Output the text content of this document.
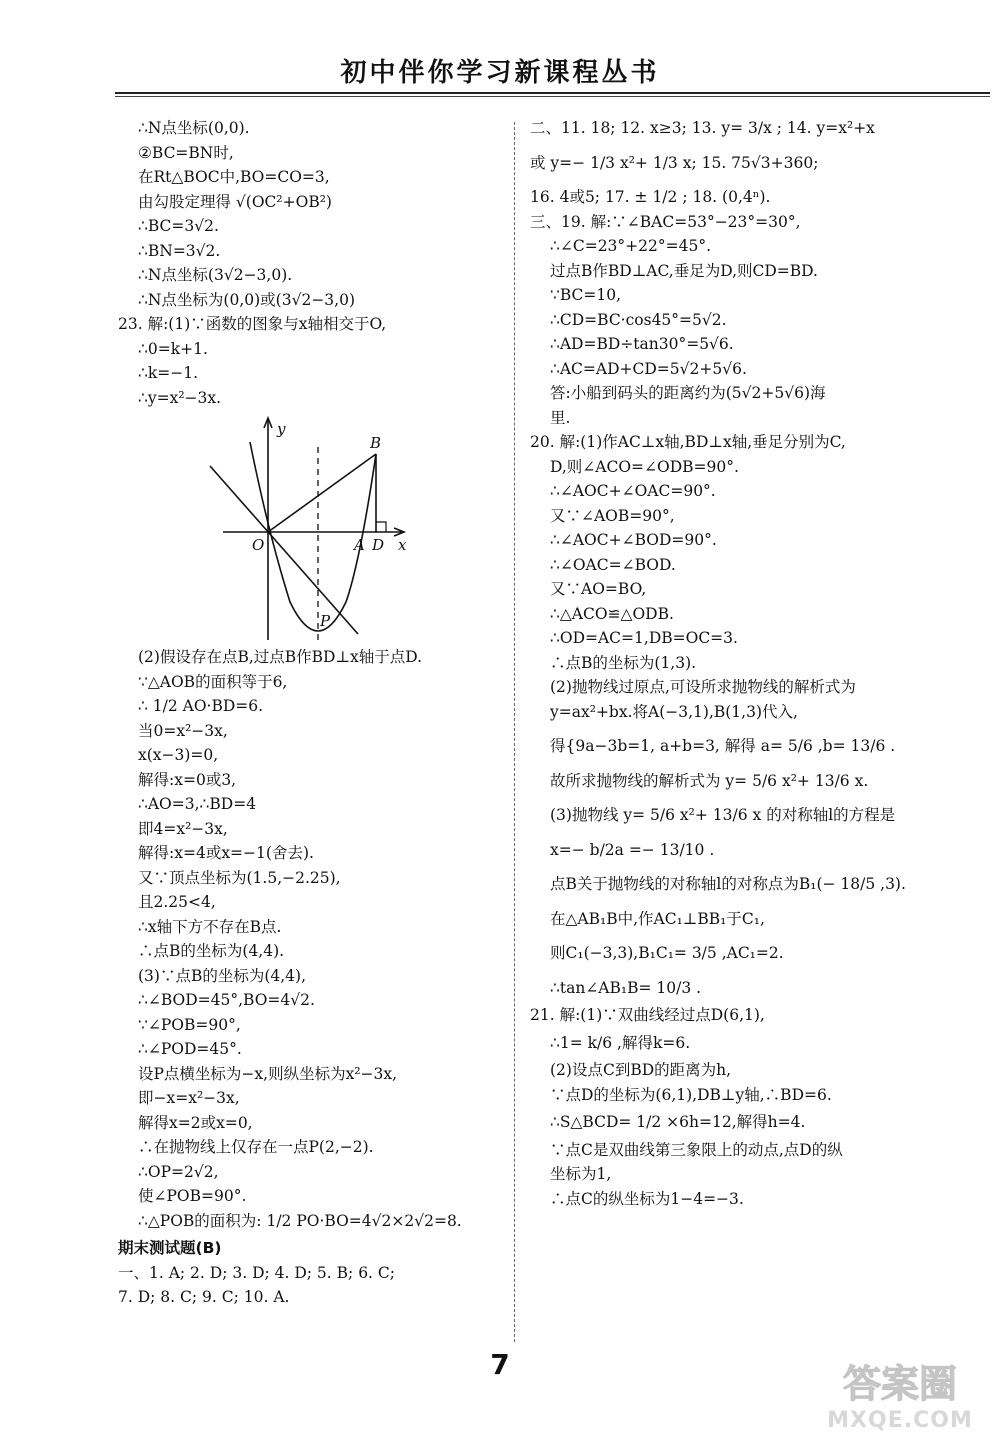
初中伴你学习新课程丛书
∴N点坐标(0,0).
②BC=BN时,
在Rt△BOC中,BO=CO=3,
由勾股定理得 √(OC²+OB²)
∴BC=3√2.
∴BN=3√2.
∴N点坐标(3√2−3,0).
∴N点坐标为(0,0)或(3√2−3,0)
23. 解:(1)∵函数的图象与x轴相交于O,
∴0=k+1.
∴k=−1.
∴y=x²−3x.
y
x
O	A D
B
P
(2)假设存在点B,过点B作BD⊥x轴于点D.
∵△AOB的面积等于6,
∴ 1/2 AO·BD=6.
当0=x²−3x,
x(x−3)=0,
解得:x=0或3,
∴AO=3,∴BD=4
即4=x²−3x,
解得:x=4或x=−1(舍去).
又∵顶点坐标为(1.5,−2.25),
且2.25<4,
∴x轴下方不存在B点.
∴点B的坐标为(4,4).
(3)∵点B的坐标为(4,4),
∴∠BOD=45°,BO=4√2.
∵∠POB=90°,
∴∠POD=45°.
设P点横坐标为−x,则纵坐标为x²−3x,
即−x=x²−3x,
解得x=2或x=0,
∴在抛物线上仅存在一点P(2,−2).
∴OP=2√2,
使∠POB=90°.
∴△POB的面积为: 1/2 PO·BO=4√2×2√2=8.
期末测试题(B)
一、1. A; 2. D; 3. D; 4. D; 5. B; 6. C;
7. D; 8. C; 9. C; 10. A.
二、11. 18; 12. x≥3; 13. y= 3/x ; 14. y=x²+x
或 y=− 1/3 x²+ 1/3 x; 15. 75√3+360;
16. 4或5; 17. ± 1/2 ; 18. (0,4ⁿ).
三、19. 解:∵∠BAC=53°−23°=30°,
∴∠C=23°+22°=45°.
过点B作BD⊥AC,垂足为D,则CD=BD.
∵BC=10,
∴CD=BC·cos45°=5√2.
∴AD=BD÷tan30°=5√6.
∴AC=AD+CD=5√2+5√6.
答:小船到码头的距离约为(5√2+5√6)海
里.
20. 解:(1)作AC⊥x轴,BD⊥x轴,垂足分别为C,
D,则∠ACO=∠ODB=90°.
∴∠AOC+∠OAC=90°.
又∵∠AOB=90°,
∴∠AOC+∠BOD=90°.
∴∠OAC=∠BOD.
又∵AO=BO,
∴△ACO≌△ODB.
∴OD=AC=1,DB=OC=3.
∴点B的坐标为(1,3).
(2)抛物线过原点,可设所求抛物线的解析式为
y=ax²+bx.将A(−3,1),B(1,3)代入,
得{9a−3b=1, a+b=3, 解得 a= 5/6 ,b= 13/6 .
故所求抛物线的解析式为 y= 5/6 x²+ 13/6 x.
(3)抛物线 y= 5/6 x²+ 13/6 x 的对称轴l的方程是
x=− b/2a =− 13/10 .
点B关于抛物线的对称轴l的对称点为B₁(− 18/5 ,3).
在△AB₁B中,作AC₁⊥BB₁于C₁,
则C₁(−3,3),B₁C₁= 3/5 ,AC₁=2.
∴tan∠AB₁B= 10/3 .
21. 解:(1)∵双曲线经过点D(6,1),
∴1= k/6 ,解得k=6.
(2)设点C到BD的距离为h,
∵点D的坐标为(6,1),DB⊥y轴,∴BD=6.
∴S△BCD= 1/2 ×6h=12,解得h=4.
∵点C是双曲线第三象限上的动点,点D的纵
坐标为1,
∴点C的纵坐标为1−4=−3.
7	答案圈
MXQE.COM
